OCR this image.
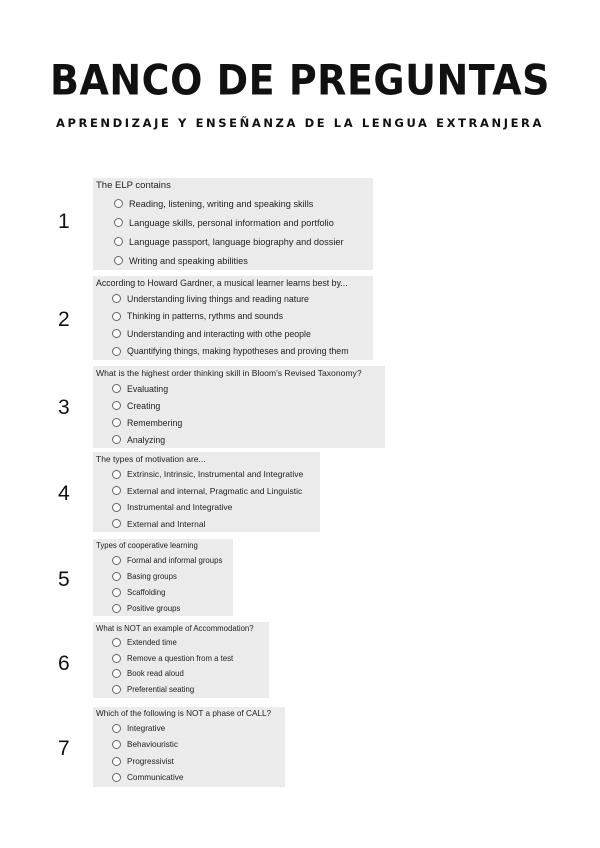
BANCO DE PREGUNTAS
APRENDIZAJE Y ENSEÑANZA DE LA LENGUA EXTRANJERA
1
The ELP contains
Reading, listening, writing and speaking skills
Language skills, personal information and portfolio
Language passport, language biography and dossier
Writing and speaking abilities
2
According to Howard Gardner, a musical learner learns best by...
Understanding living things and reading nature
Thinking in patterns, rythms and sounds
Understanding and interacting with othe people
Quantifying things, making hypotheses and proving them
3
What is the highest order thinking skill in Bloom's Revised Taxonomy?
Evaluating
Creating
Remembering
Analyzing
4
The types of motivation are...
Extrinsic, Intrinsic, Instrumental and Integrative
External and internal, Pragmatic and Linguistic
Instrumental and Integrative
External and Internal
5
Types of cooperative learning
Formal and informal groups
Basing groups
Scaffolding
Positive groups
6
What is NOT an example of Accommodation?
Extended time
Remove a question from a test
Book read aloud
Preferential seating
7
Which of the following is NOT a phase of CALL?
Integrative
Behaviouristic
Progressivist
Communicative
